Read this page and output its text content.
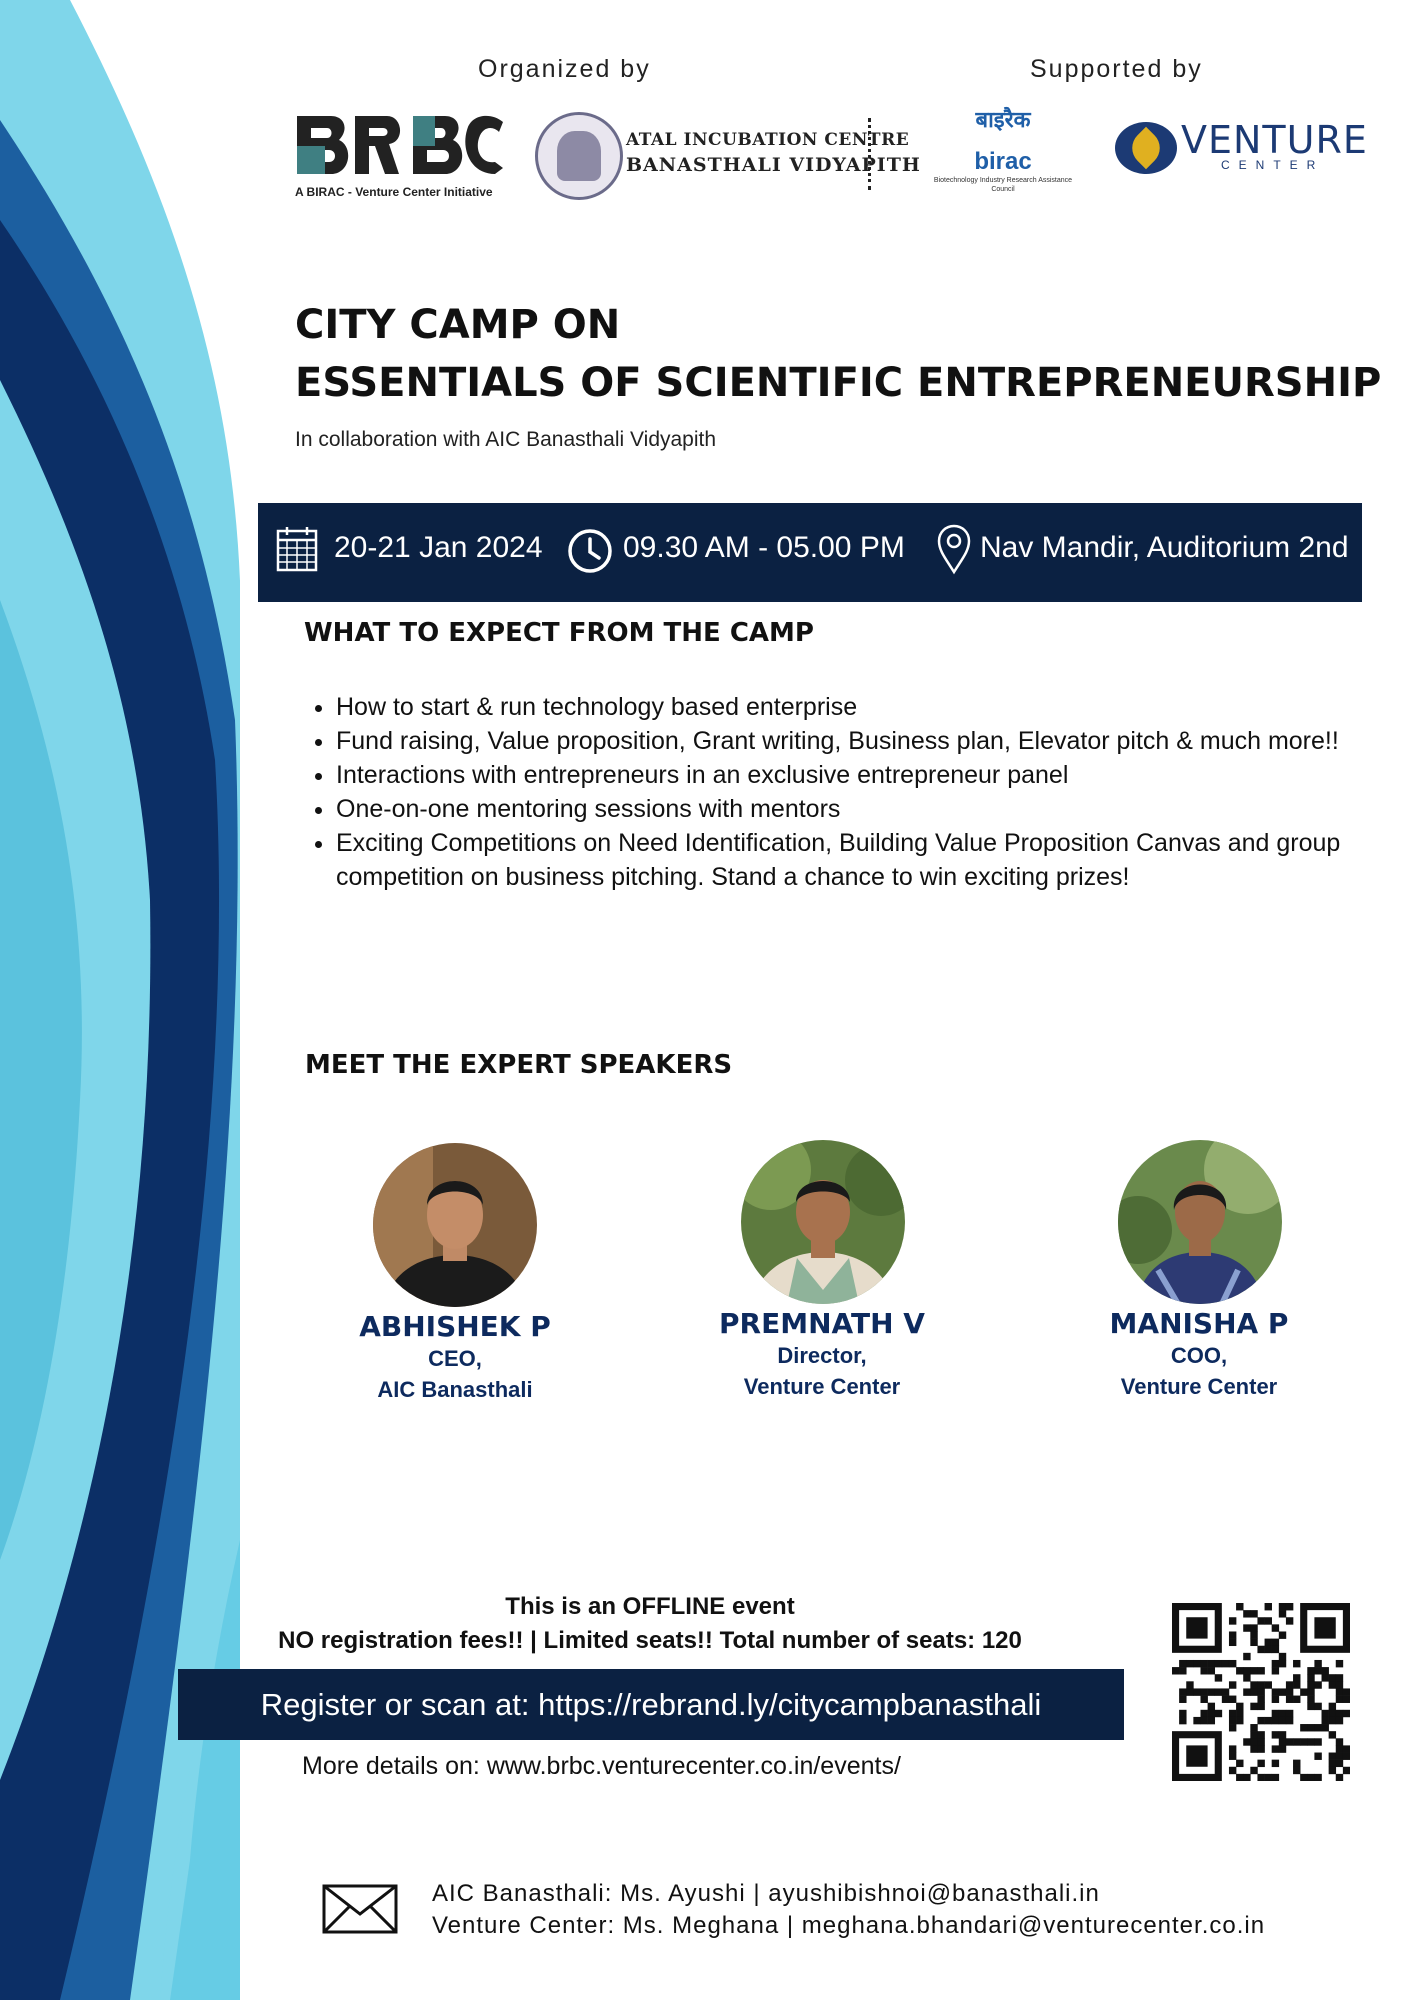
Organized by	Supported by
A BIRAC - Venture Center Initiative
ATAL INCUBATION CENTRE
BANASTHALI VIDYAPITH
बाइरैक
birac
Biotechnology Industry Research Assistance Council
VENTURE
CENTER
CITY CAMP ON
ESSENTIALS OF SCIENTIFIC ENTREPRENEURSHIP
In collaboration with AIC Banasthali Vidyapith
20-21 Jan 2024	09.30 AM - 05.00 PM	Nav Mandir, Auditorium 2nd
WHAT TO EXPECT FROM THE CAMP
• How to start & run technology based enterprise
• Fund raising, Value proposition, Grant writing, Business plan, Elevator pitch & much more!!
• Interactions with entrepreneurs in an exclusive entrepreneur panel
• One-on-one mentoring sessions with mentors
• Exciting Competitions on Need Identification, Building Value Proposition Canvas and group competition on business pitching. Stand a chance to win exciting prizes!
MEET THE EXPERT SPEAKERS
ABHISHEK P
CEO,
AIC Banasthali
PREMNATH V
Director,
Venture Center
MANISHA P
COO,
Venture Center
This is an OFFLINE event
NO registration fees!! | Limited seats!! Total number of seats: 120
Register or scan at: https://rebrand.ly/citycampbanasthali
More details on: www.brbc.venturecenter.co.in/events/
AIC Banasthali: Ms. Ayushi | ayushibishnoi@banasthali.in
Venture Center: Ms. Meghana | meghana.bhandari@venturecenter.co.in
